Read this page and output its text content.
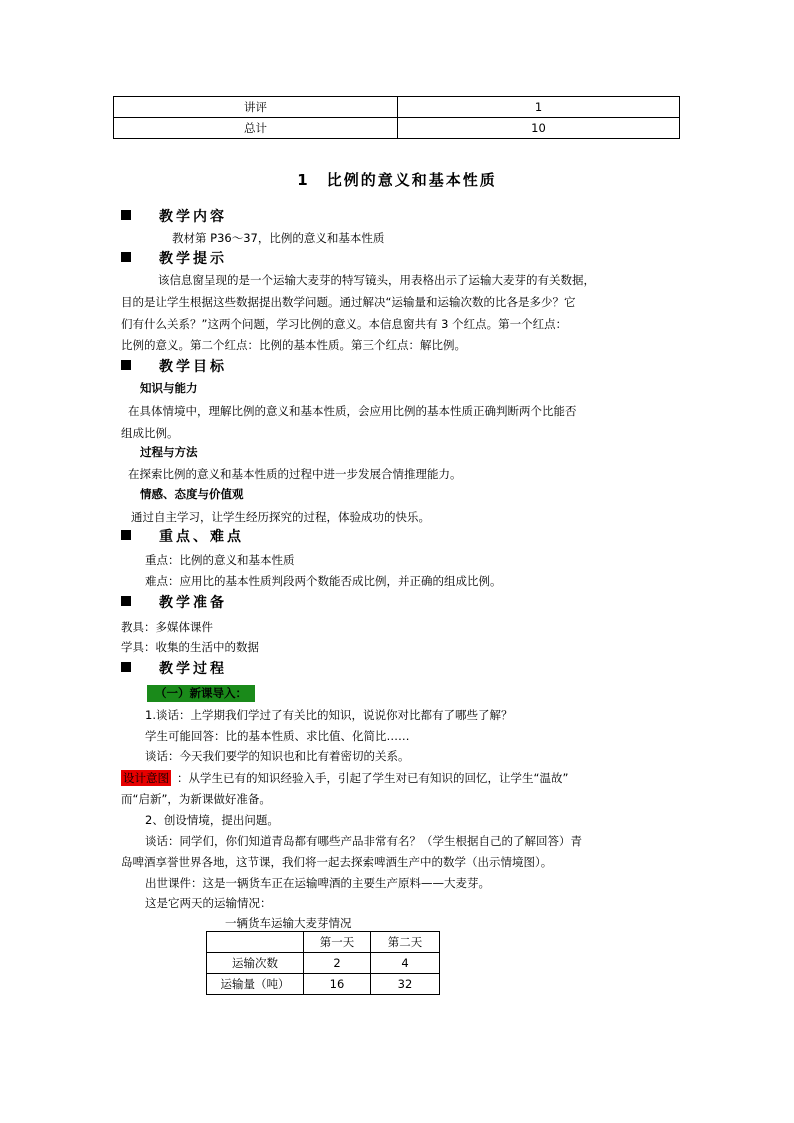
讲评	1
总计	10
1　比例的意义和基本性质
教学内容
教材第 P36～37，比例的意义和基本性质
教学提示
该信息窗呈现的是一个运输大麦芽的特写镜头，用表格出示了运输大麦芽的有关数据，
目的是让学生根据这些数据提出数学问题。通过解决“运输量和运输次数的比各是多少？它
们有什么关系？”这两个问题，学习比例的意义。本信息窗共有 3 个红点。第一个红点：
比例的意义。第二个红点：比例的基本性质。第三个红点：解比例。
教学目标
知识与能力
在具体情境中，理解比例的意义和基本性质，会应用比例的基本性质正确判断两个比能否
组成比例。
过程与方法
在探索比例的意义和基本性质的过程中进一步发展合情推理能力。
情感、态度与价值观
通过自主学习，让学生经历探究的过程，体验成功的快乐。
重点、难点
重点：比例的意义和基本性质
难点：应用比的基本性质判段两个数能否成比例，并正确的组成比例。
教学准备
教具：多媒体课件
学具：收集的生活中的数据
教学过程
（一）新课导入：
1.谈话：上学期我们学过了有关比的知识，说说你对比都有了哪些了解？
学生可能回答：比的基本性质、求比值、化简比……
谈话：今天我们要学的知识也和比有着密切的关系。
设计意图 ：从学生已有的知识经验入手，引起了学生对已有知识的回忆，让学生“温故”
而“启新”，为新课做好准备。
2、创设情境，提出问题。
谈话：同学们，你们知道青岛都有哪些产品非常有名？（学生根据自己的了解回答）青
岛啤酒享誉世界各地，这节课，我们将一起去探索啤酒生产中的数学（出示情境图）。
出世课件：这是一辆货车正在运输啤酒的主要生产原料——大麦芽。
这是它两天的运输情况：
一辆货车运输大麦芽情况
	第一天	第二天
运输次数	2	4
运输量（吨）	16	32
